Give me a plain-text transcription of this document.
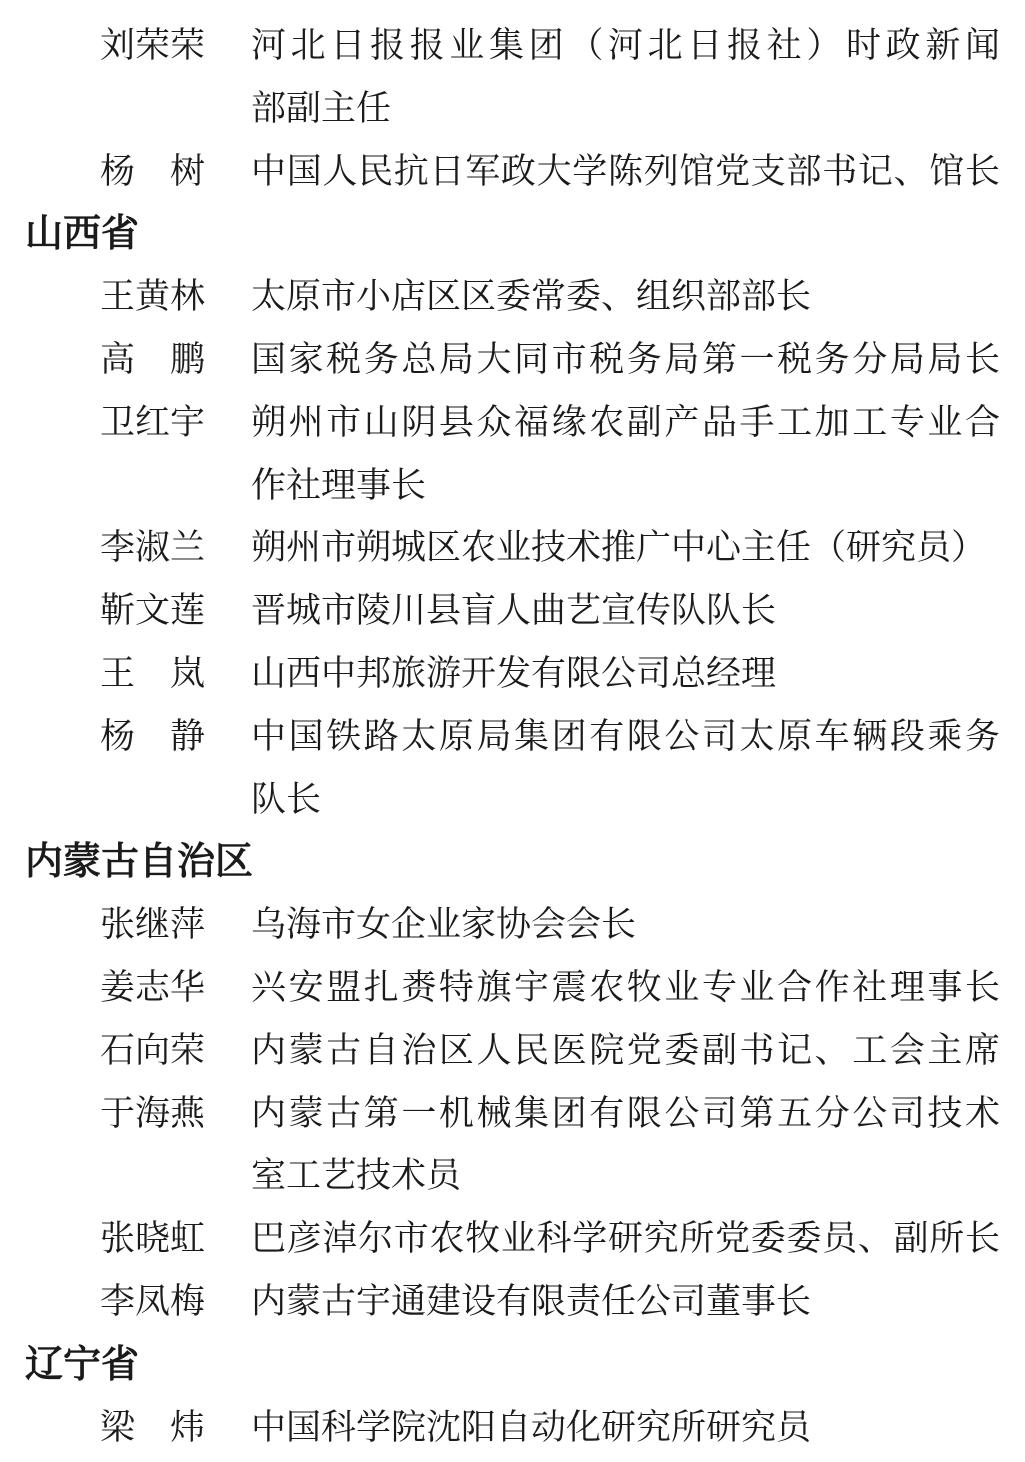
刘荣荣 河北日报报业集团（河北日报社）时政新闻
部副主任
杨　树 中国人民抗日军政大学陈列馆党支部书记、馆长
山西省
王黄林 太原市小店区区委常委、组织部部长
高　鹏 国家税务总局大同市税务局第一税务分局局长
卫红宇 朔州市山阴县众福缘农副产品手工加工专业合
作社理事长
李淑兰 朔州市朔城区农业技术推广中心主任（研究员）
靳文莲 晋城市陵川县盲人曲艺宣传队队长
王　岚 山西中邦旅游开发有限公司总经理
杨　静 中国铁路太原局集团有限公司太原车辆段乘务
队长
内蒙古自治区
张继萍 乌海市女企业家协会会长
姜志华 兴安盟扎赉特旗宇震农牧业专业合作社理事长
石向荣 内蒙古自治区人民医院党委副书记、工会主席
于海燕 内蒙古第一机械集团有限公司第五分公司技术
室工艺技术员
张晓虹 巴彦淖尔市农牧业科学研究所党委委员、副所长
李凤梅 内蒙古宇通建设有限责任公司董事长
辽宁省
梁　炜 中国科学院沈阳自动化研究所研究员
